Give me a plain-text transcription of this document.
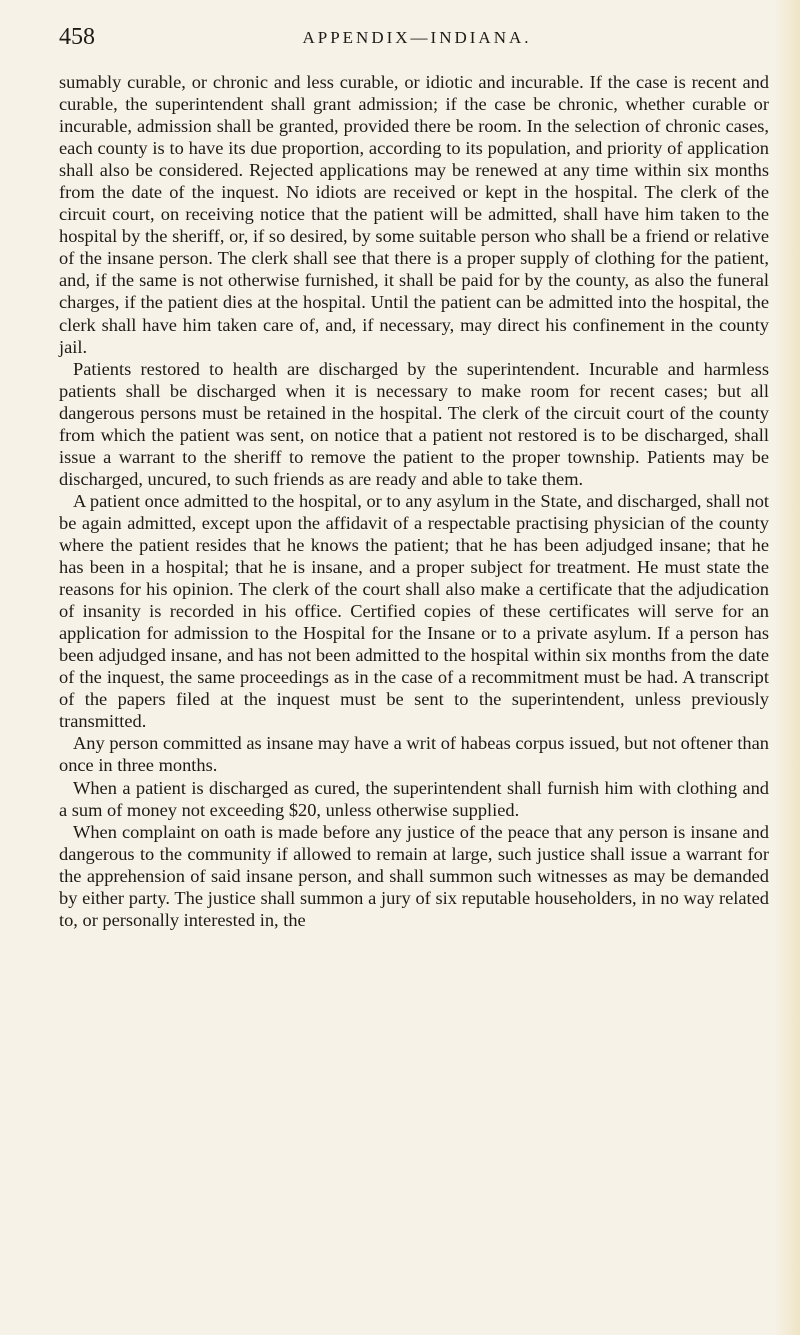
458	APPENDIX—INDIANA.

sumably curable, or chronic and less curable, or idiotic and incurable. If the case is recent and curable, the superintendent shall grant admission; if the case be chronic, whether curable or incurable, admission shall be granted, provided there be room. In the selection of chronic cases, each county is to have its due proportion, according to its population, and priority of application shall also be considered. Rejected applications may be renewed at any time within six months from the date of the inquest. No idiots are received or kept in the hospital. The clerk of the circuit court, on receiving notice that the patient will be admitted, shall have him taken to the hospital by the sheriff, or, if so desired, by some suitable person who shall be a friend or relative of the insane person. The clerk shall see that there is a proper supply of clothing for the patient, and, if the same is not otherwise furnished, it shall be paid for by the county, as also the funeral charges, if the patient dies at the hospital. Until the patient can be admitted into the hospital, the clerk shall have him taken care of, and, if necessary, may direct his confinement in the county jail.

Patients restored to health are discharged by the superintendent. Incurable and harmless patients shall be discharged when it is necessary to make room for recent cases; but all dangerous persons must be retained in the hospital. The clerk of the circuit court of the county from which the patient was sent, on notice that a patient not restored is to be discharged, shall issue a warrant to the sheriff to remove the patient to the proper township. Patients may be discharged, uncured, to such friends as are ready and able to take them.

A patient once admitted to the hospital, or to any asylum in the State, and discharged, shall not be again admitted, except upon the affidavit of a respectable practising physician of the county where the patient resides that he knows the patient; that he has been adjudged insane; that he has been in a hospital; that he is insane, and a proper subject for treatment. He must state the reasons for his opinion. The clerk of the court shall also make a certificate that the adjudication of insanity is recorded in his office. Certified copies of these certificates will serve for an application for admission to the Hospital for the Insane or to a private asylum. If a person has been adjudged insane, and has not been admitted to the hospital within six months from the date of the inquest, the same proceedings as in the case of a recommitment must be had. A transcript of the papers filed at the inquest must be sent to the superintendent, unless previously transmitted.

Any person committed as insane may have a writ of habeas corpus issued, but not oftener than once in three months.

When a patient is discharged as cured, the superintendent shall furnish him with clothing and a sum of money not exceeding $20, unless otherwise supplied.

When complaint on oath is made before any justice of the peace that any person is insane and dangerous to the community if allowed to remain at large, such justice shall issue a warrant for the apprehension of said insane person, and shall summon such witnesses as may be demanded by either party. The justice shall summon a jury of six reputable householders, in no way related to, or personally interested in, the
